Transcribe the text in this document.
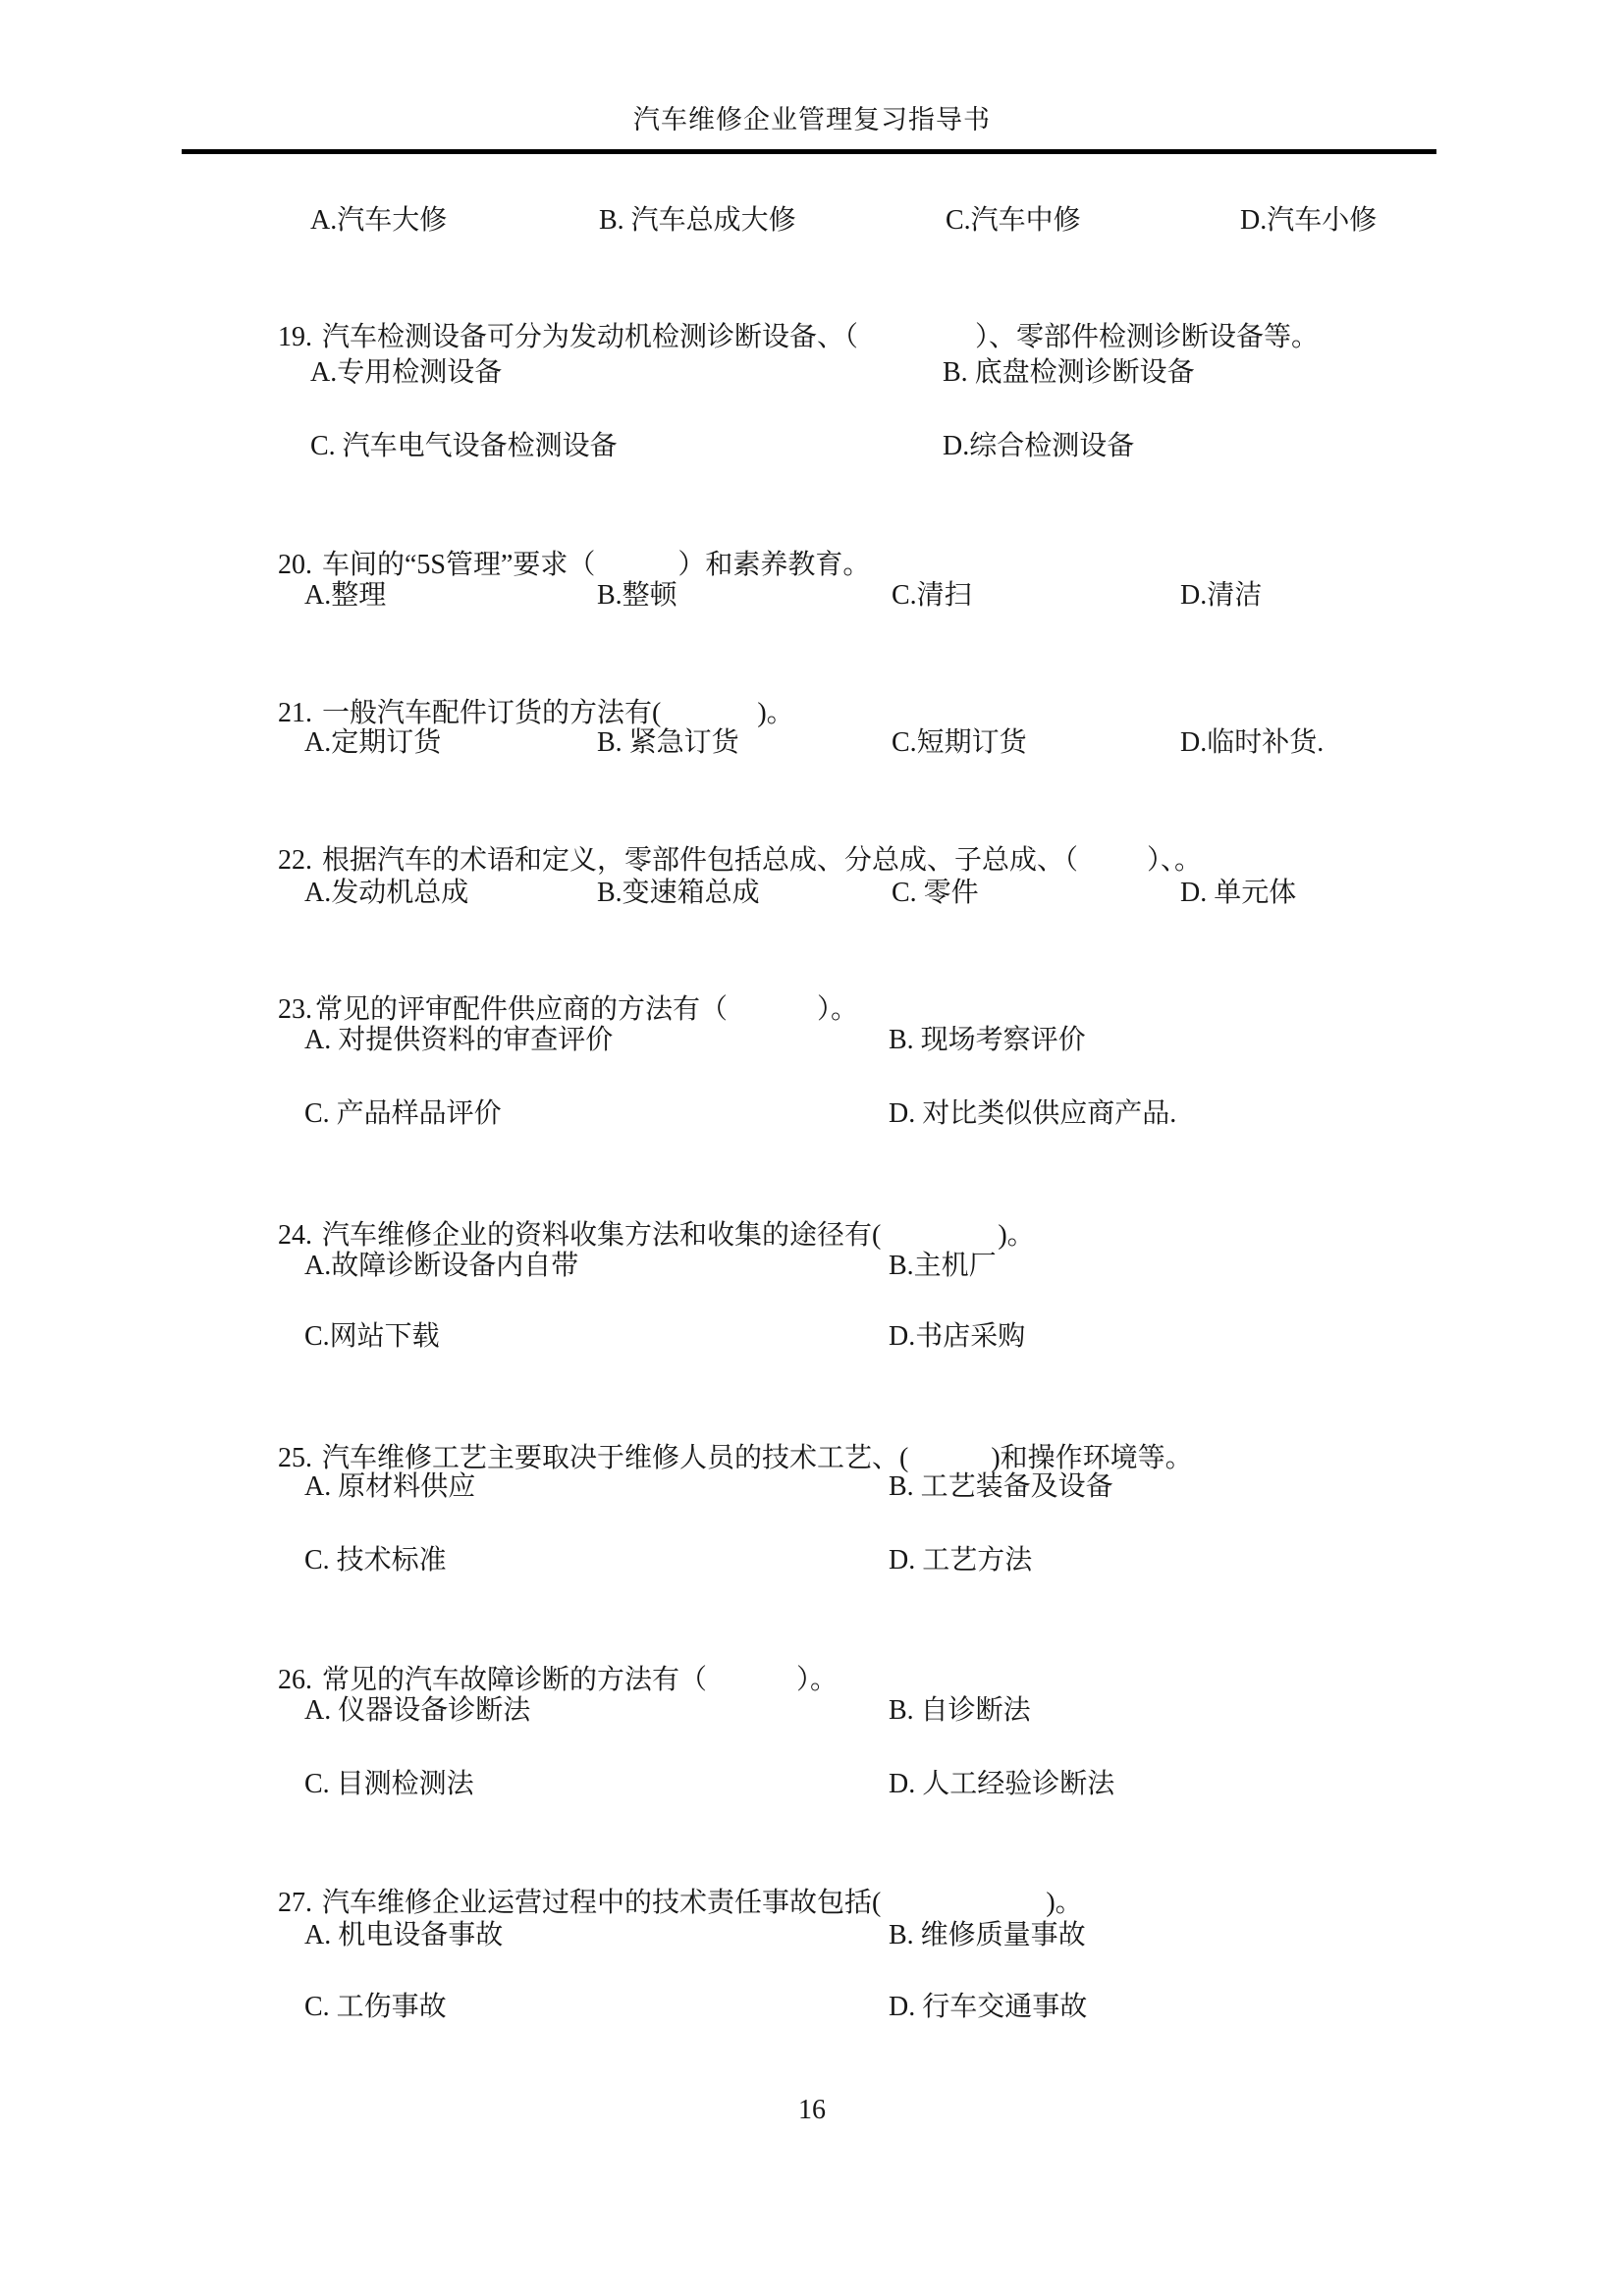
汽车维修企业管理复习指导书

A.汽车大修

	B. 汽车总成大修

	C.汽车中修

	D.汽车小修

19. 汽车检测设备可分为发动机检测诊断设备、（                 ）、零部件检测诊断设备等。

A.专用检测设备

	B. 底盘检测诊断设备

C. 汽车电气设备检测设备

	D.综合检测设备

20. 车间的“5S管理”要求（            ）和素养教育。

A.整理

	B.整顿

	C.清扫

	D.清洁

21. 一般汽车配件订货的方法有(              )。

A.定期订货

	B. 紧急订货

	C.短期订货

	D.临时补货.

22. 根据汽车的术语和定义，零部件包括总成、分总成、子总成、（          ）、。

A.发动机总成

	B.变速箱总成

	C. 零件

	D. 单元体

23. 常见的评审配件供应商的方法有（             ）。

A. 对提供资料的审查评价

	B. 现场考察评价

C. 产品样品评价

	D. 对比类似供应商产品.

24. 汽车维修企业的资料收集方法和收集的途径有(                 )。

A.故障诊断设备内自带

	B.主机厂

C.网站下载

	D.书店采购

25. 汽车维修工艺主要取决于维修人员的技术工艺、(            )和操作环境等。

A. 原材料供应

	B. 工艺装备及设备

C. 技术标准

	D. 工艺方法

26. 常见的汽车故障诊断的方法有（             ）。

A. 仪器设备诊断法

	B. 自诊断法

C. 目测检测法

	D. 人工经验诊断法

27. 汽车维修企业运营过程中的技术责任事故包括(                        )。

A. 机电设备事故

	B. 维修质量事故

C. 工伤事故

	D. 行车交通事故

16
